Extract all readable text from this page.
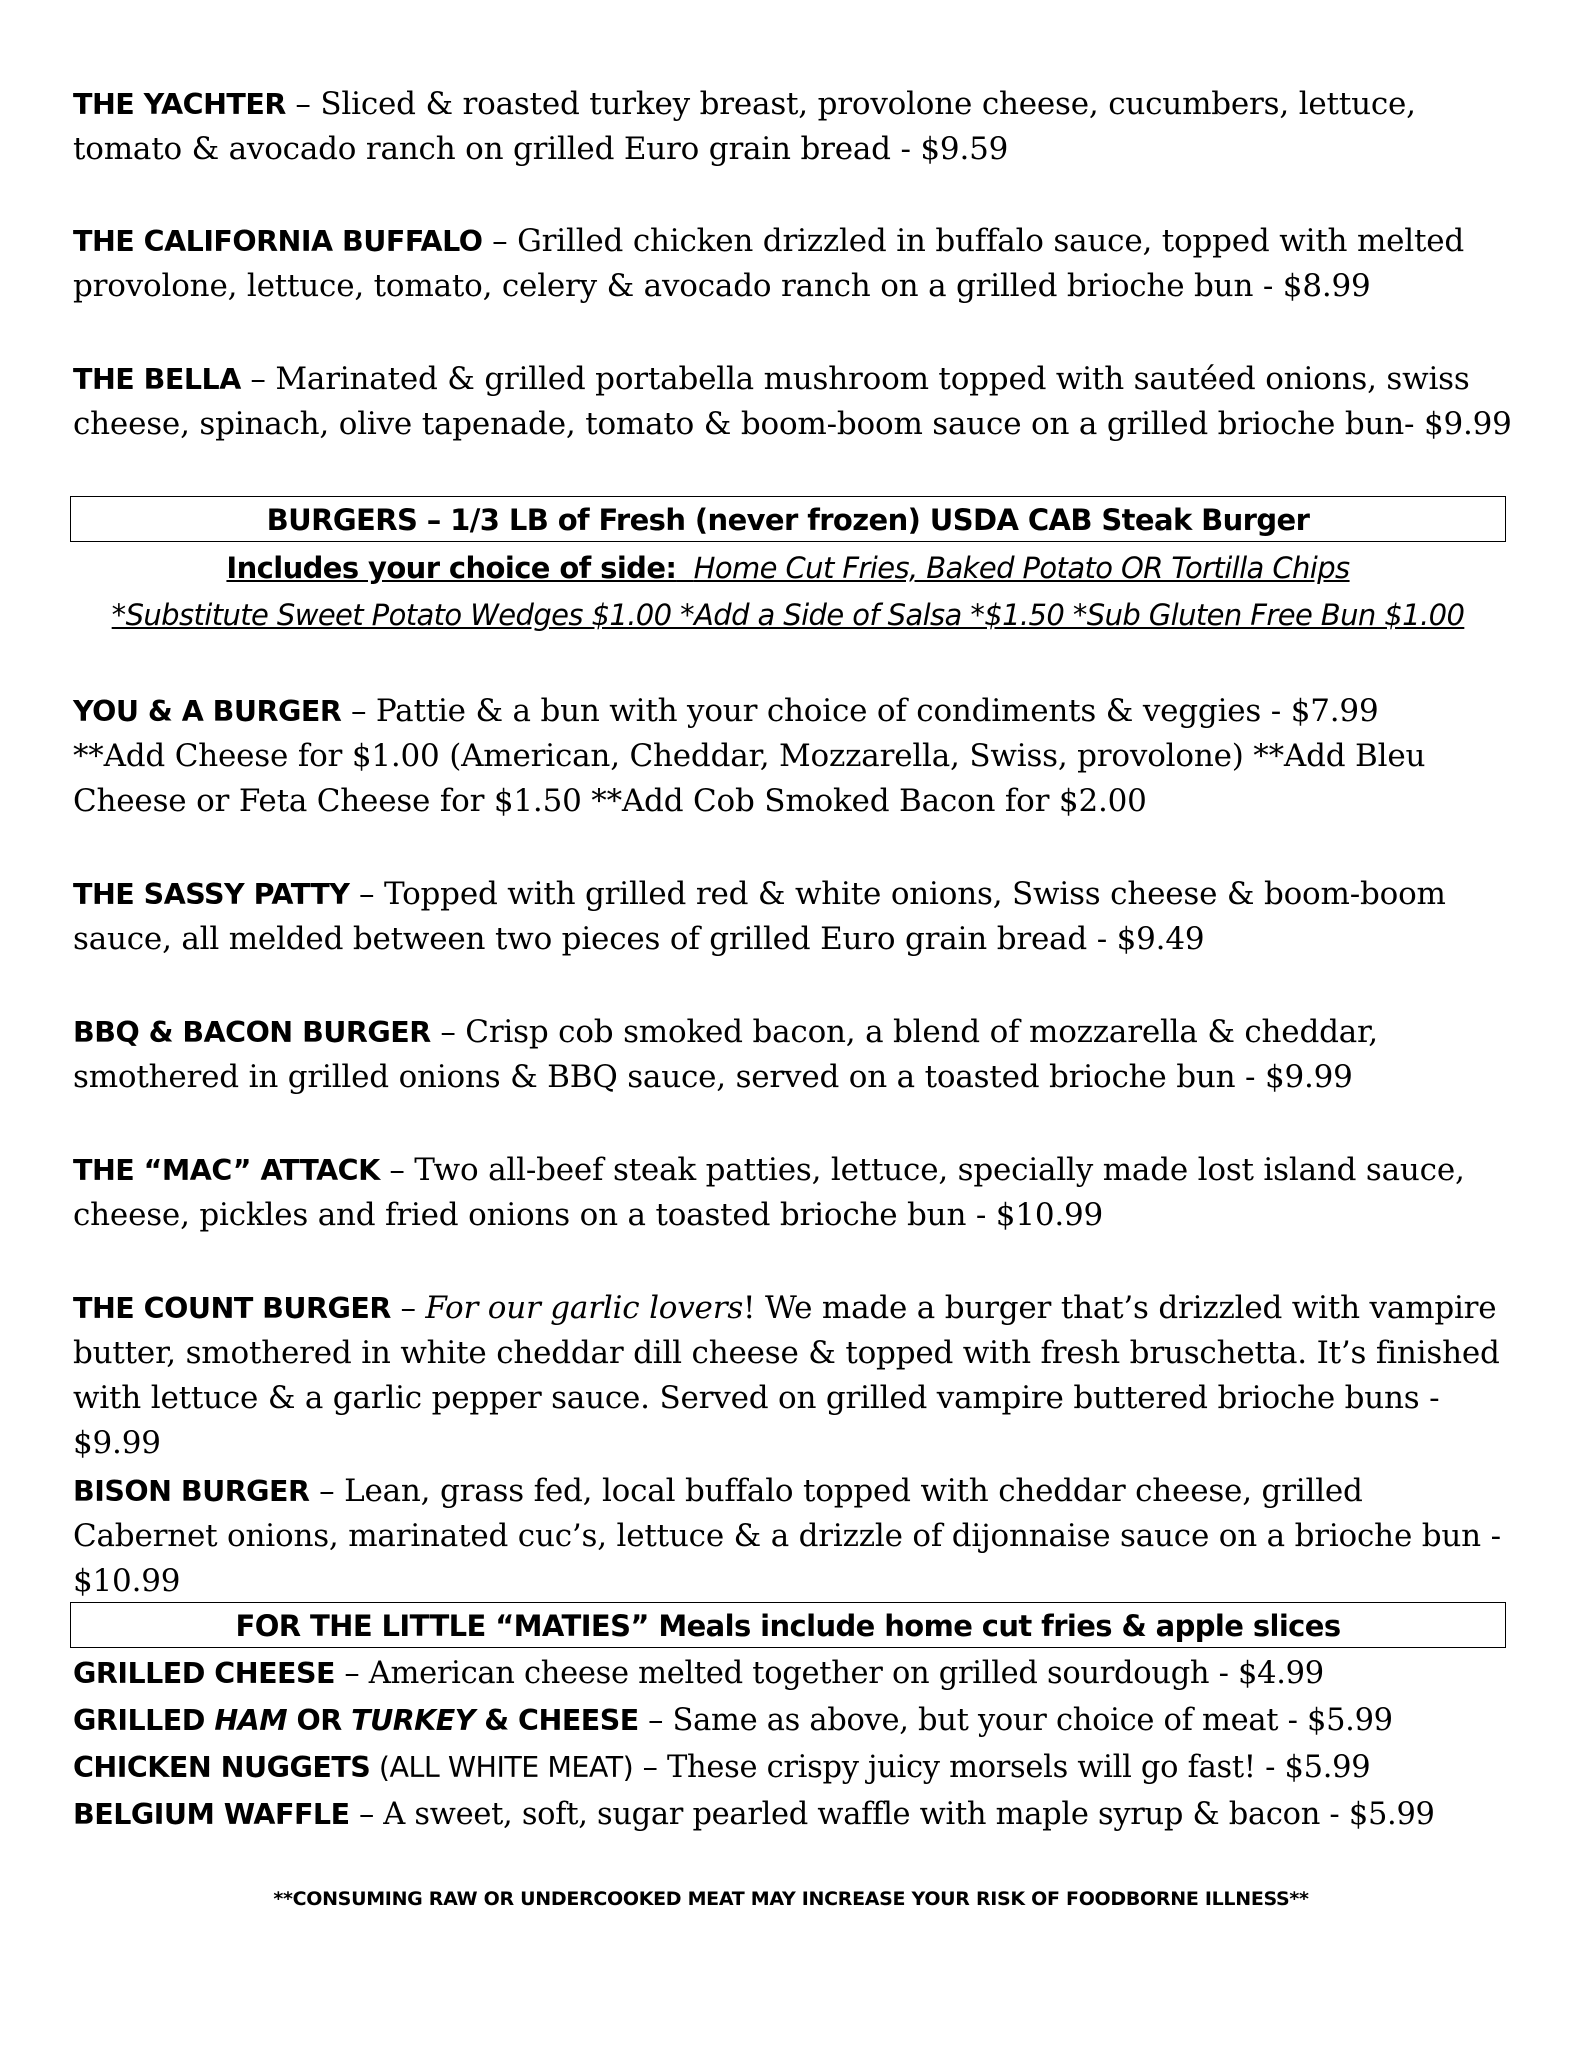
THE YACHTER – Sliced & roasted turkey breast, provolone cheese, cucumbers, lettuce, tomato & avocado ranch on grilled Euro grain bread - $9.59
THE CALIFORNIA BUFFALO – Grilled chicken drizzled in buffalo sauce, topped with melted provolone, lettuce, tomato, celery & avocado ranch on a grilled brioche bun - $8.99
THE BELLA – Marinated & grilled portabella mushroom topped with sautéed onions, swiss cheese, spinach, olive tapenade, tomato & boom-boom sauce on a grilled brioche bun- $9.99
BURGERS – 1/3 LB of Fresh (never frozen) USDA CAB Steak Burger
Includes your choice of side: Home Cut Fries, Baked Potato OR Tortilla Chips
*Substitute Sweet Potato Wedges $1.00 *Add a Side of Salsa *$1.50 *Sub Gluten Free Bun $1.00
YOU & A BURGER – Pattie & a bun with your choice of condiments & veggies - $7.99
**Add Cheese for $1.00 (American, Cheddar, Mozzarella, Swiss, provolone) **Add Bleu Cheese or Feta Cheese for $1.50 **Add Cob Smoked Bacon for $2.00
THE SASSY PATTY – Topped with grilled red & white onions, Swiss cheese & boom-boom sauce, all melded between two pieces of grilled Euro grain bread - $9.49
BBQ & BACON BURGER – Crisp cob smoked bacon, a blend of mozzarella & cheddar, smothered in grilled onions & BBQ sauce, served on a toasted brioche bun - $9.99
THE “MAC” ATTACK – Two all-beef steak patties, lettuce, specially made lost island sauce, cheese, pickles and fried onions on a toasted brioche bun - $10.99
THE COUNT BURGER – For our garlic lovers! We made a burger that’s drizzled with vampire butter, smothered in white cheddar dill cheese & topped with fresh bruschetta. It’s finished with lettuce & a garlic pepper sauce. Served on grilled vampire buttered brioche buns - $9.99
BISON BURGER – Lean, grass fed, local buffalo topped with cheddar cheese, grilled Cabernet onions, marinated cuc’s, lettuce & a drizzle of dijonnaise sauce on a brioche bun - $10.99
FOR THE LITTLE “MATIES” Meals include home cut fries & apple slices
GRILLED CHEESE – American cheese melted together on grilled sourdough - $4.99
GRILLED HAM OR TURKEY & CHEESE – Same as above, but your choice of meat - $5.99
CHICKEN NUGGETS (ALL WHITE MEAT) – These crispy juicy morsels will go fast! - $5.99
BELGIUM WAFFLE – A sweet, soft, sugar pearled waffle with maple syrup & bacon - $5.99
**CONSUMING RAW OR UNDERCOOKED MEAT MAY INCREASE YOUR RISK OF FOODBORNE ILLNESS**
